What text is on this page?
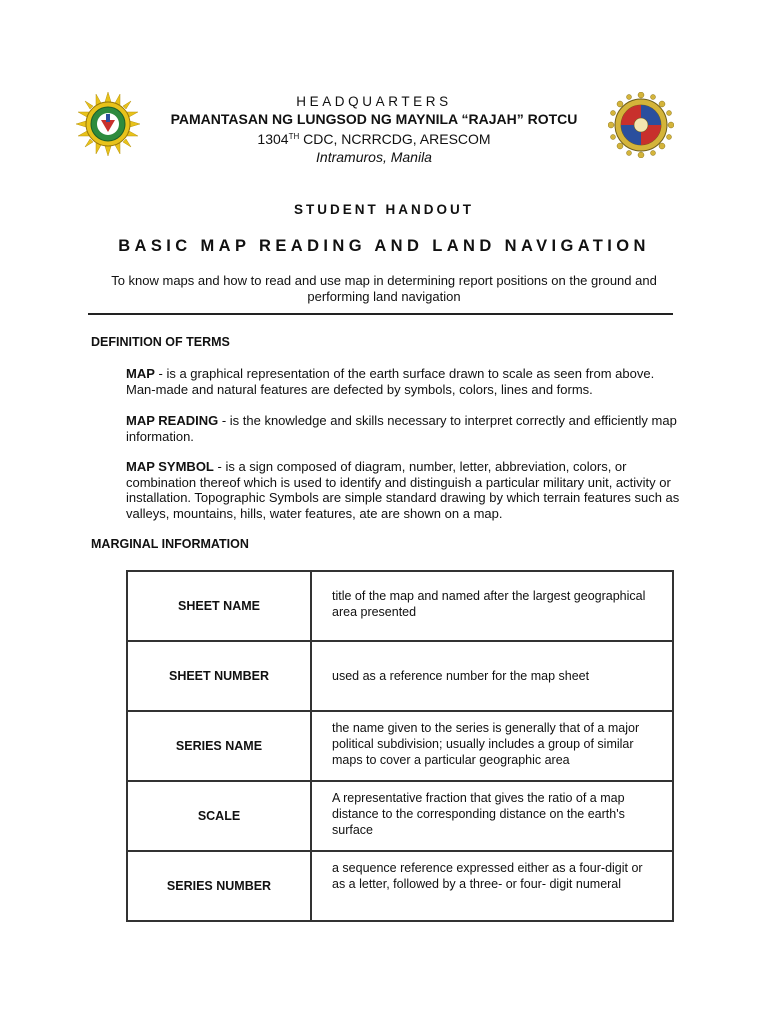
HEADQUARTERS
PAMANTASAN NG LUNGSOD NG MAYNILA “RAJAH” ROTCU
1304TH CDC, NCRRCDG, ARESCOM
Intramuros, Manila
STUDENT HANDOUT
BASIC MAP READING AND LAND NAVIGATION
To know maps and how to read and use map in determining report positions on the ground and performing land navigation
DEFINITION OF TERMS
MAP - is a graphical representation of the earth surface drawn to scale as seen from above. Man-made and natural features are defected by symbols, colors, lines and forms.
MAP READING - is the knowledge and skills necessary to interpret correctly and efficiently map information.
MAP SYMBOL - is a sign composed of diagram, number, letter, abbreviation, colors, or combination thereof which is used to identify and distinguish a particular military unit, activity or installation. Topographic Symbols are simple standard drawing by which terrain features such as valleys, mountains, hills, water features, ate are shown on a map.
MARGINAL INFORMATION
SHEET NAME	title of the map and named after the largest geographical area presented
SHEET NUMBER	used as a reference number for the map sheet
SERIES NAME	the name given to the series is generally that of a major political subdivision; usually includes a group of similar maps to cover a particular geographic area
SCALE	A representative fraction that gives the ratio of a map distance to the corresponding distance on the earth's surface
SERIES NUMBER	a sequence reference expressed either as a four-digit or as a letter, followed by a three- or four- digit numeral
